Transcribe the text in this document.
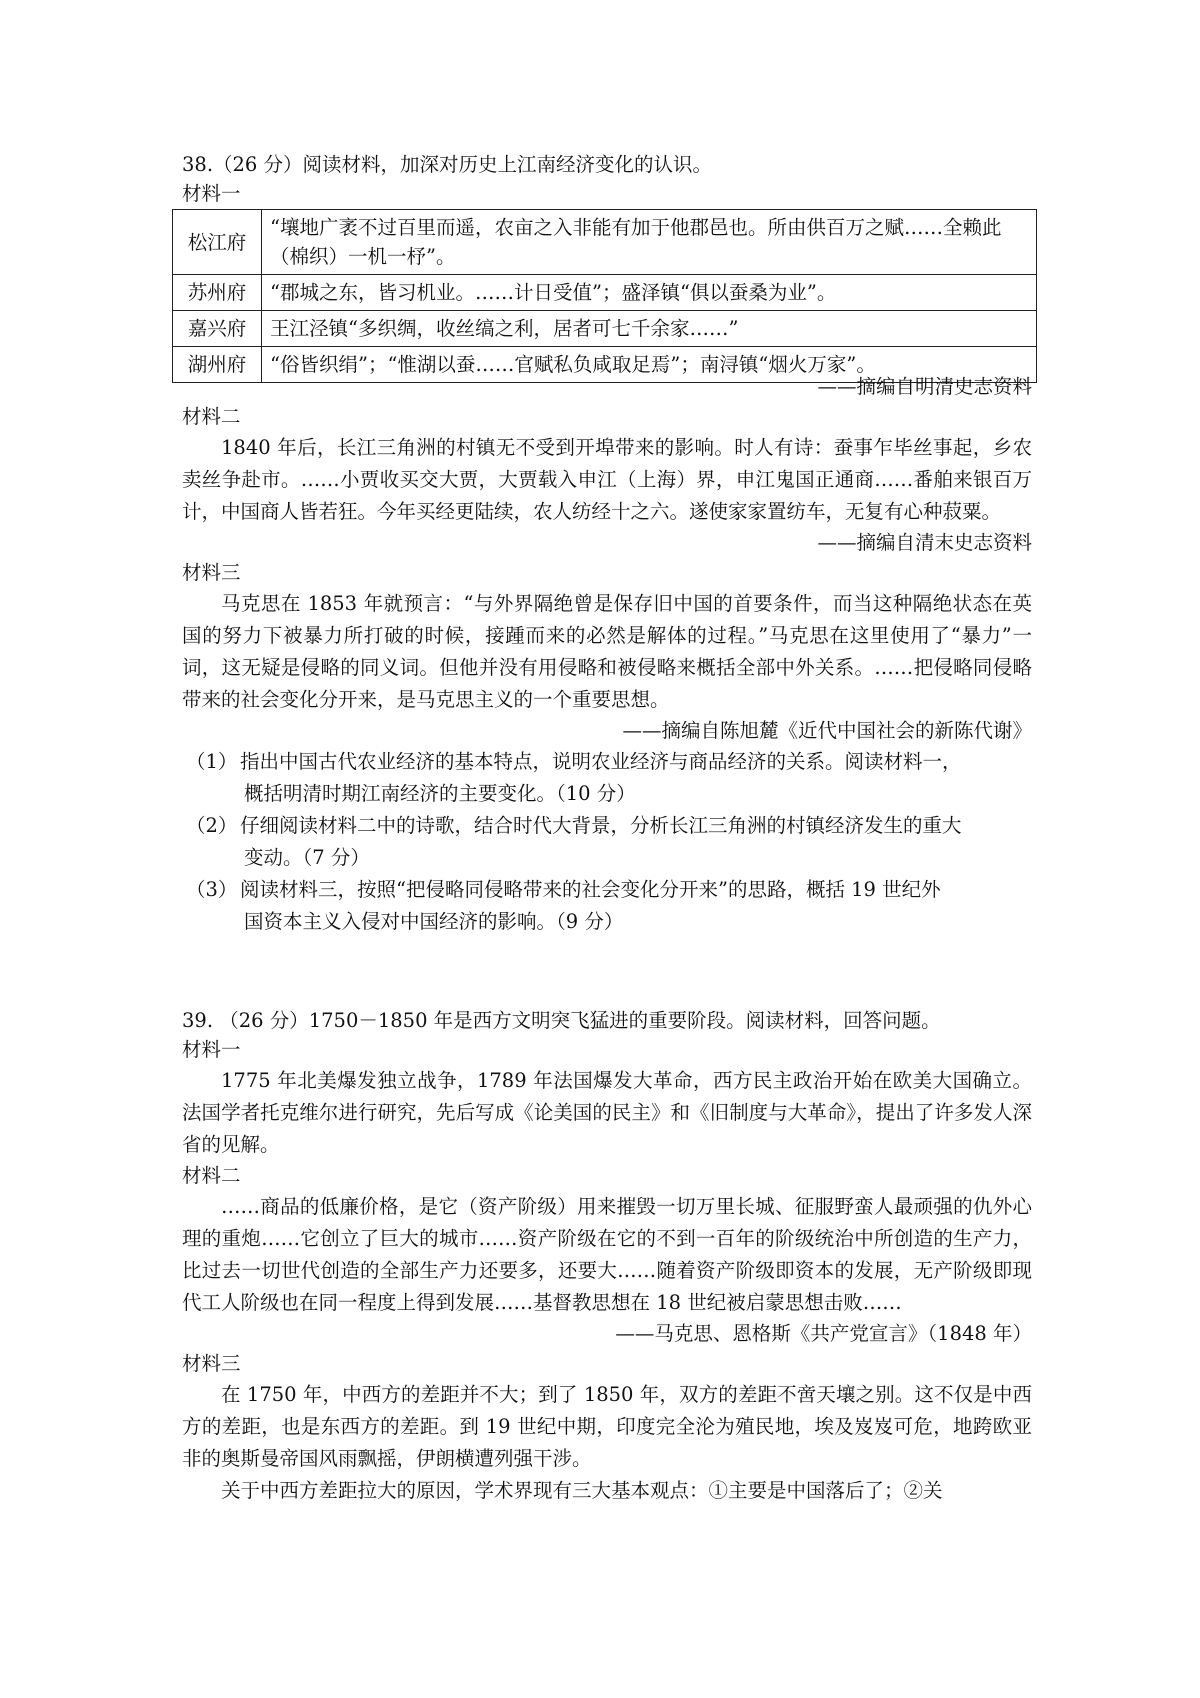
38.（26 分）阅读材料，加深对历史上江南经济变化的认识。
材料一
松江府	“壤地广袤不过百里而遥，农亩之入非能有加于他郡邑也。所由供百万之赋……全赖此（棉织）一机一杼”。
苏州府	“郡城之东，皆习机业。……计日受值”；盛泽镇“俱以蚕桑为业”。
嘉兴府	王江泾镇“多织绸，收丝缟之利，居者可七千余家……”
湖州府	“俗皆织绢”；“惟湖以蚕……官赋私负咸取足焉”；南浔镇“烟火万家”。
——摘编自明清史志资料
材料二

1840 年后，长江三角洲的村镇无不受到开埠带来的影响。时人有诗：蚕事乍毕丝事起，乡农卖丝争赴市。……小贾收买交大贾，大贾载入申江（上海）界，申江鬼国正通商……番舶来银百万计，中国商人皆若狂。今年买经更陆续，农人纺经十之六。遂使家家置纺车，无复有心种菽粟。

——摘编自清末史志资料
材料三

马克思在 1853 年就预言：“与外界隔绝曾是保存旧中国的首要条件，而当这种隔绝状态在英国的努力下被暴力所打破的时候，接踵而来的必然是解体的过程。”马克思在这里使用了“暴力”一词，这无疑是侵略的同义词。但他并没有用侵略和被侵略来概括全部中外关系。……把侵略同侵略带来的社会变化分开来，是马克思主义的一个重要思想。

——摘编自陈旭麓《近代中国社会的新陈代谢》
（1） 指出中国古代农业经济的基本特点，说明农业经济与商品经济的关系。阅读材料一，
概括明清时期江南经济的主要变化。（10 分）
（2） 仔细阅读材料二中的诗歌，结合时代大背景，分析长江三角洲的村镇经济发生的重大
变动。（7 分）
（3） 阅读材料三，按照“把侵略同侵略带来的社会变化分开来”的思路，概括 19 世纪外
国资本主义入侵对中国经济的影响。（9 分）
39. （26 分）1750－1850 年是西方文明突飞猛进的重要阶段。阅读材料，回答问题。
材料一

1775 年北美爆发独立战争，1789 年法国爆发大革命，西方民主政治开始在欧美大国确立。法国学者托克维尔进行研究，先后写成《论美国的民主》和《旧制度与大革命》，提出了许多发人深省的见解。

材料二

……商品的低廉价格，是它（资产阶级）用来摧毁一切万里长城、征服野蛮人最顽强的仇外心理的重炮……它创立了巨大的城市……资产阶级在它的不到一百年的阶级统治中所创造的生产力，比过去一切世代创造的全部生产力还要多，还要大……随着资产阶级即资本的发展，无产阶级即现代工人阶级也在同一程度上得到发展……基督教思想在 18 世纪被启蒙思想击败……

——马克思、恩格斯《共产党宣言》（1848 年）
材料三

在 1750 年，中西方的差距并不大；到了 1850 年，双方的差距不啻天壤之别。这不仅是中西方的差距，也是东西方的差距。到 19 世纪中期，印度完全沦为殖民地，埃及岌岌可危，地跨欧亚非的奥斯曼帝国风雨飘摇，伊朗横遭列强干涉。

关于中西方差距拉大的原因，学术界现有三大基本观点：①主要是中国落后了；②关
